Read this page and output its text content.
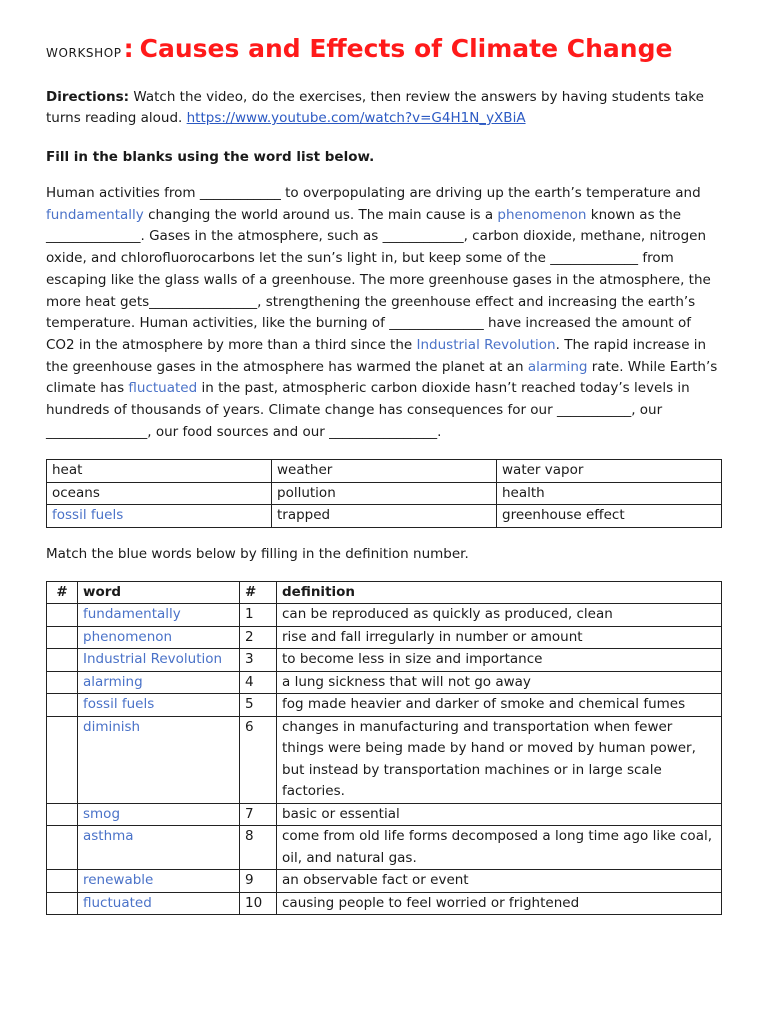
WORKSHOP : Causes and Effects of Climate Change
Directions: Watch the video, do the exercises, then review the answers by having students take turns reading aloud. https://www.youtube.com/watch?v=G4H1N_yXBiA
Fill in the blanks using the word list below.
Human activities from ____________ to overpopulating are driving up the earth’s temperature and fundamentally changing the world around us. The main cause is a phenomenon known as the ______________. Gases in the atmosphere, such as ____________, carbon dioxide, methane, nitrogen oxide, and chlorofluorocarbons let the sun’s light in, but keep some of the _____________ from escaping like the glass walls of a greenhouse. The more greenhouse gases in the atmosphere, the more heat gets________________, strengthening the greenhouse effect and increasing the earth’s temperature. Human activities, like the burning of ______________ have increased the amount of CO2 in the atmosphere by more than a third since the Industrial Revolution. The rapid increase in the greenhouse gases in the atmosphere has warmed the planet at an alarming rate. While Earth’s climate has fluctuated in the past, atmospheric carbon dioxide hasn’t reached today’s levels in hundreds of thousands of years. Climate change has consequences for our ___________, our _______________, our food sources and our ________________.
heat	weather	water vapor
oceans	pollution	health
fossil fuels	trapped	greenhouse effect
Match the blue words below by filling in the definition number.
#	word	#	definition
	fundamentally	1	can be reproduced as quickly as produced, clean
	phenomenon	2	rise and fall irregularly in number or amount
	Industrial Revolution	3	to become less in size and importance
	alarming	4	a lung sickness that will not go away
	fossil fuels	5	fog made heavier and darker of smoke and chemical fumes
	diminish	6	changes in manufacturing and transportation when fewer things were being made by hand or moved by human power, but instead by transportation machines or in large scale factories.
	smog	7	basic or essential
	asthma	8	come from old life forms decomposed a long time ago like coal, oil, and natural gas.
	renewable	9	an observable fact or event
	fluctuated	10	causing people to feel worried or frightened
